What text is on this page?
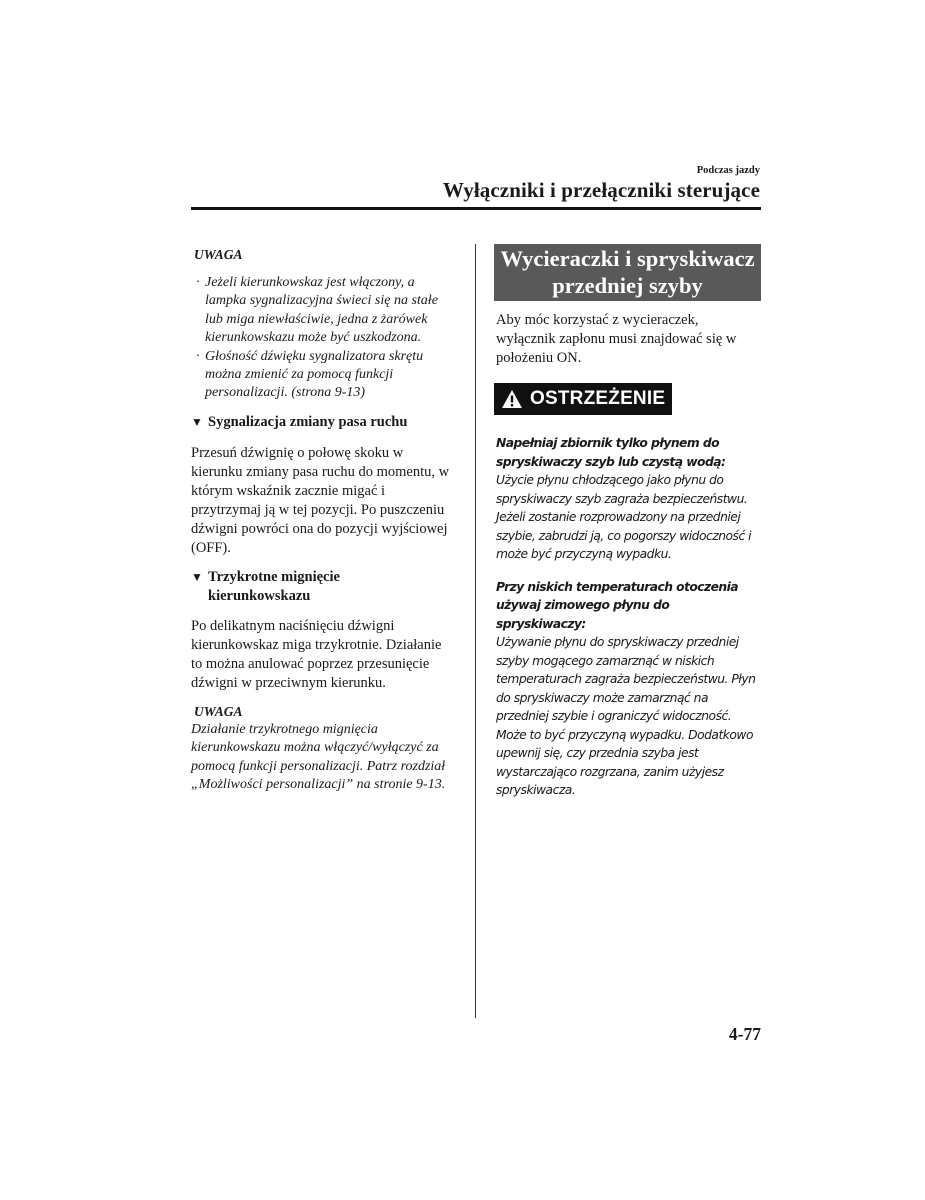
Podczas jazdy
Wyłączniki i przełączniki sterujące
UWAGA
· Jeżeli kierunkowskaz jest włączony, a lampka sygnalizacyjna świeci się na stałe lub miga niewłaściwie, jedna z żarówek kierunkowskazu może być uszkodzona.
· Głośność dźwięku sygnalizatora skrętu można zmienić za pomocą funkcji personalizacji. (strona 9-13)
▼ Sygnalizacja zmiany pasa ruchu

Przesuń dźwignię o połowę skoku w kierunku zmiany pasa ruchu do momentu, w którym wskaźnik zacznie migać i przytrzymaj ją w tej pozycji. Po puszczeniu dźwigni powróci ona do pozycji wyjściowej (OFF).

▼ Trzykrotne mignięcie kierunkowskazu

Po delikatnym naciśnięciu dźwigni kierunkowskaz miga trzykrotnie. Działanie to można anulować poprzez przesunięcie dźwigni w przeciwnym kierunku.

UWAGA

Działanie trzykrotnego mignięcia kierunkowskazu można włączyć/wyłączyć za pomocą funkcji personalizacji. Patrz rozdział „Możliwości personalizacji” na stronie 9-13.

Wycieraczki i spryskiwacz przedniej szyby

Aby móc korzystać z wycieraczek, wyłącznik zapłonu musi znajdować się w położeniu ON.

OSTRZEŻENIE
Napełniaj zbiornik tylko płynem do spryskiwaczy szyb lub czystą wodą:
Użycie płynu chłodzącego jako płynu do spryskiwaczy szyb zagraża bezpieczeństwu. Jeżeli zostanie rozprowadzony na przedniej szybie, zabrudzi ją, co pogorszy widoczność i może być przyczyną wypadku.
Przy niskich temperaturach otoczenia używaj zimowego płynu do spryskiwaczy:
Używanie płynu do spryskiwaczy przedniej szyby mogącego zamarznąć w niskich temperaturach zagraża bezpieczeństwu. Płyn do spryskiwaczy może zamarznąć na przedniej szybie i ograniczyć widoczność. Może to być przyczyną wypadku. Dodatkowo upewnij się, czy przednia szyba jest wystarczająco rozgrzana, zanim użyjesz spryskiwacza.
4-77
